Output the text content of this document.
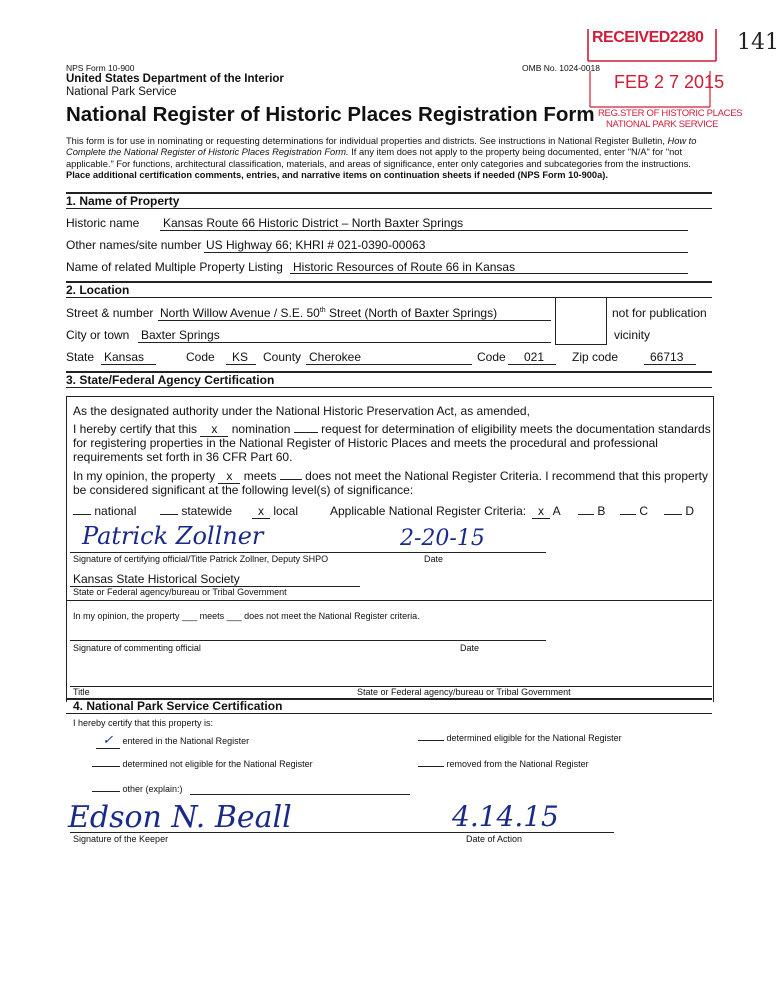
NPS Form 10-900	OMB No. 1024-0018
United States Department of the Interior
National Park Service
National Register of Historic Places Registration Form
141
RECEIVED2280
FEB 2 7 2015
REG.STER OF HISTORIC PLACES
NATIONAL PARK SERVICE
This form is for use in nominating or requesting determinations for individual properties and districts. See instructions in National Register Bulletin, How to Complete the National Register of Historic Places Registration Form. If any item does not apply to the property being documented, enter "N/A" for "not applicable." For functions, architectural classification, materials, and areas of significance, enter only categories and subcategories from the instructions. Place additional certification comments, entries, and narrative items on continuation sheets if needed (NPS Form 10-900a).
1. Name of Property
Historic name Kansas Route 66 Historic District – North Baxter Springs
Other names/site number US Highway 66; KHRI # 021-0390-00063
Name of related Multiple Property Listing Historic Resources of Route 66 in Kansas
2. Location
Street & number North Willow Avenue / S.E. 50th Street (North of Baxter Springs)	not for publication
City or town Baxter Springs	vicinity
State Kansas	Code KS County Cherokee	Code 021 Zip code	66713
3. State/Federal Agency Certification
As the designated authority under the National Historic Preservation Act, as amended,
I hereby certify that this x nomination	request for determination of eligibility meets the documentation standards
for registering properties in the National Register of Historic Places and meets the procedural and professional
requirements set forth in 36 CFR Part 60.
In my opinion, the property x meets does not meet the National Register Criteria. I recommend that this property
be considered significant at the following level(s) of significance:
national	statewide	x local	Applicable National Register Criteria: x A	B	C	D
Patrick Zollner	2-20-15
Signature of certifying official/Title Patrick Zollner, Deputy SHPO	Date
Kansas State Historical Society
State or Federal agency/bureau or Tribal Government
In my opinion, the property ___ meets ___ does not meet the National Register criteria.
Signature of commenting official	Date
Title	State or Federal agency/bureau or Tribal Government
4. National Park Service Certification
I hereby certify that this property is:
✓ entered in the National Register	determined eligible for the National Register
determined not eligible for the National Register	removed from the National Register
other (explain:)
Edson N. Beall	4.14.15
Signature of the Keeper	Date of Action
